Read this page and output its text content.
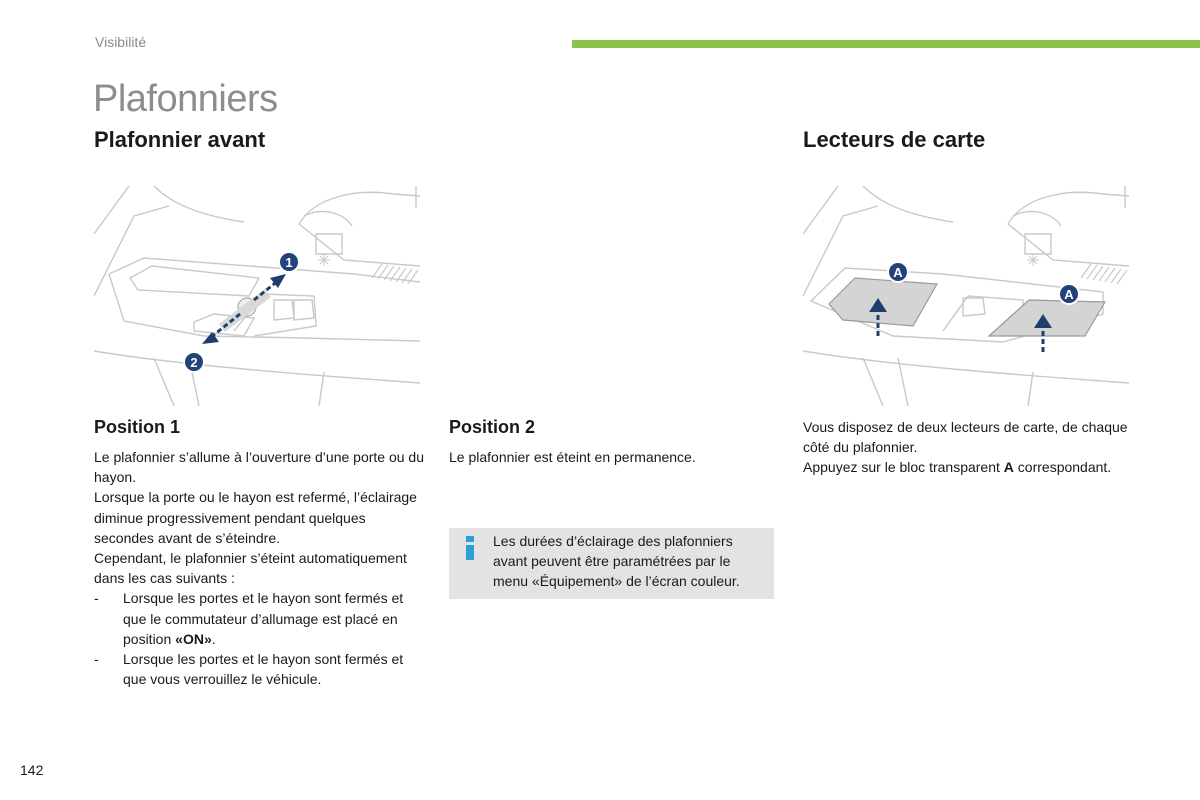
Visibilité
Plafonniers
Plafonnier avant	Lecteurs de carte
1
2
A
A
Position 1

Le plafonnier s’allume à l’ouverture d’une porte ou du hayon.

Lorsque la porte ou le hayon est refermé, l’éclairage diminue progressivement pendant quelques secondes avant de s’éteindre.

Cependant, le plafonnier s’éteint automatiquement dans les cas suivants :

- Lorsque les portes et le hayon sont fermés et que le commutateur d’allumage est placé en position «ON».
- Lorsque les portes et le hayon sont fermés et que vous verrouillez le véhicule.
Position 2
Le plafonnier est éteint en permanence.
Les durées d’éclairage des plafonniers avant peuvent être paramétrées par le menu «Équipement» de l’écran couleur.

Vous disposez de deux lecteurs de carte, de chaque côté du plafonnier.

Appuyez sur le bloc transparent A correspondant.

142
